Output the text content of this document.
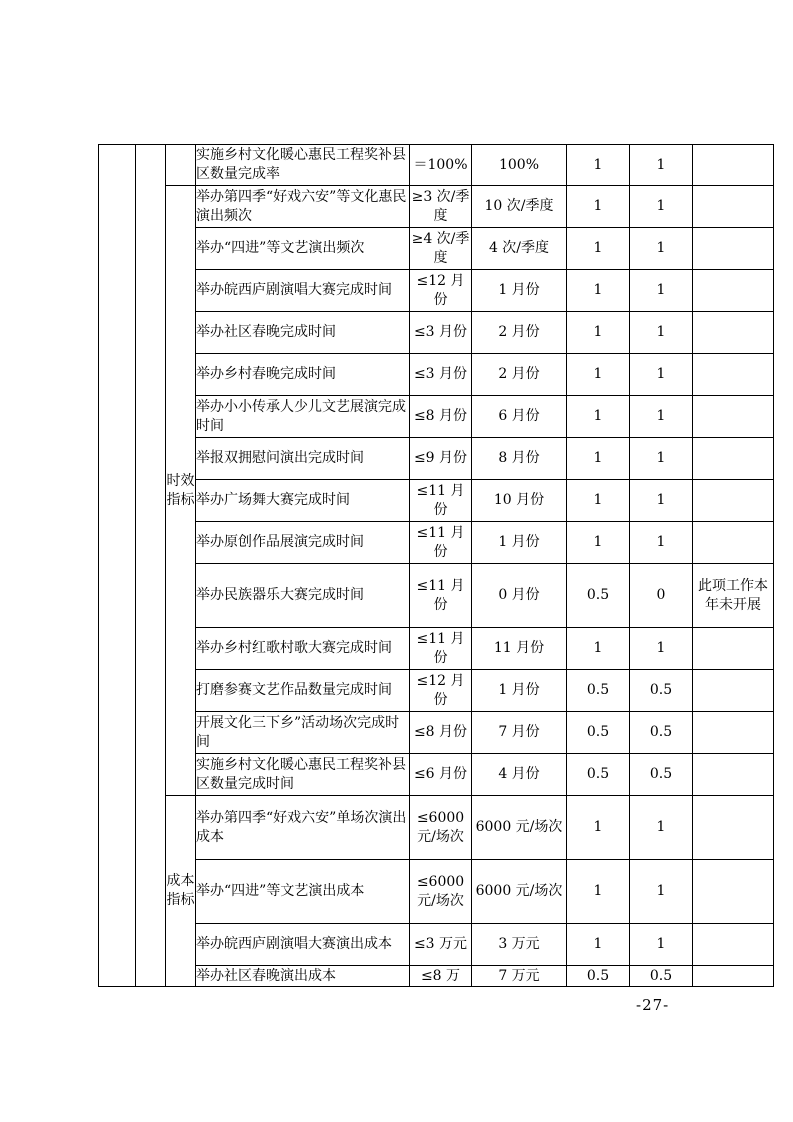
			实施乡村文化暖心惠民工程奖补县区数量完成率	＝100%	100%	1	1	
		时效指标	举办第四季“好戏六安”等文化惠民演出频次	≥3 次/季度	10 次/季度	1	1	
			举办“四进”等文艺演出频次	≥4 次/季度	4 次/季度	1	1	
			举办皖西庐剧演唱大赛完成时间	≤12 月份	1 月份	1	1	
			举办社区春晚完成时间	≤3 月份	2 月份	1	1	
			举办乡村春晚完成时间	≤3 月份	2 月份	1	1	
			举办小小传承人少儿文艺展演完成时间	≤8 月份	6 月份	1	1	
			举报双拥慰问演出完成时间	≤9 月份	8 月份	1	1	
			举办广场舞大赛完成时间	≤11 月份	10 月份	1	1	
			举办原创作品展演完成时间	≤11 月份	1 月份	1	1	
			举办民族器乐大赛完成时间	≤11 月份	0 月份	0.5	0	此项工作本年未开展
			举办乡村红歌村歌大赛完成时间	≤11 月份	11 月份	1	1	
			打磨参赛文艺作品数量完成时间	≤12 月份	1 月份	0.5	0.5	
			开展文化三下乡”活动场次完成时间	≤8 月份	7 月份	0.5	0.5	
			实施乡村文化暖心惠民工程奖补县区数量完成时间	≤6 月份	4 月份	0.5	0.5	
		成本指标	举办第四季“好戏六安”单场次演出成本	≤6000 元/场次	6000 元/场次	1	1	
			举办“四进”等文艺演出成本	≤6000 元/场次	6000 元/场次	1	1	
			举办皖西庐剧演唱大赛演出成本	≤3 万元	3 万元	1	1	
			举办社区春晚演出成本	≤8 万	7 万元	0.5	0.5	
-27-
